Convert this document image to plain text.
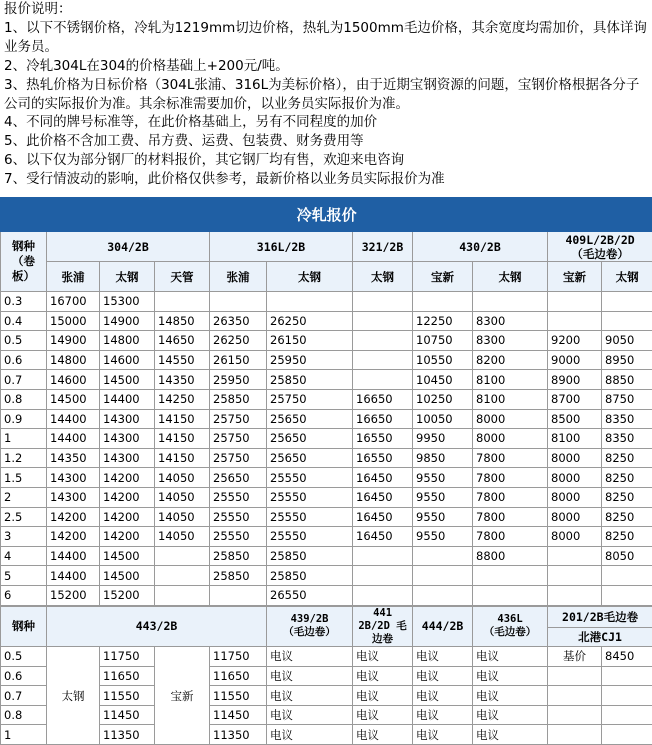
报价说明：
1、以下不锈钢价格，冷轧为1219mm切边价格，热轧为1500mm毛边价格，其余宽度均需加价，具体详询业务员。
2、冷轧304L在304的价格基础上+200元/吨。
3、热轧价格为日标价格（304L张浦、316L为美标价格），由于近期宝钢资源的问题，宝钢价格根据各分子公司的实际报价为准。其余标准需要加价，以业务员实际报价为准。
4、不同的牌号标准等，在此价格基础上，另有不同程度的加价
5、此价格不含加工费、吊方费、运费、包装费、财务费用等
6、以下仅为部分钢厂的材料报价，其它钢厂均有售，欢迎来电咨询
7、受行情波动的影响，此价格仅供参考，最新价格以业务员实际报价为准
冷轧报价										
钢种（卷板）	304/2B			316L/2B		321/2B	430/2B		409L/2B/2D
（毛边卷）	
	张浦	太钢	天管	张浦	太钢	太钢	宝新	太钢	宝新	太钢
0.3	16700	15300								
0.4	15000	14900	14850	26350	26250		12250	8300		
0.5	14900	14800	14650	26250	26150		10750	8300	9200	9050
0.6	14800	14600	14550	26150	25950		10550	8200	9000	8950
0.7	14600	14500	14350	25950	25850		10450	8100	8900	8850
0.8	14500	14400	14250	25850	25750	16650	10250	8100	8700	8750
0.9	14400	14300	14150	25750	25650	16650	10050	8000	8500	8350
1	14400	14300	14150	25750	25650	16550	9950	8000	8100	8350
1.2	14350	14300	14150	25750	25650	16550	9850	7800	8000	8250
1.5	14300	14200	14050	25650	25550	16450	9550	7800	8000	8250
2	14300	14200	14050	25550	25550	16450	9550	7800	8000	8250
2.5	14200	14200	14050	25550	25550	16450	9550	7800	8000	8250
3	14200	14200	14050	25550	25550	16450	9550	7800	8000	8250
4	14400	14500		25850	25850			8800		8050
5	14400	14500		25850	25850					
6	15200	15200			26550					
钢种	443/2B				439/2B
（毛边卷）	441 2B/2D 毛边卷	444/2B	436L
（毛边卷）	201/2B毛边卷	
									北港CJ1	
0.5	太钢	11750	宝新	11750	电议	电议	电议	电议	基价	8450
0.6		11650		11650	电议	电议	电议	电议		
0.7		11550		11550	电议	电议	电议	电议		
0.8		11450		11450	电议	电议	电议	电议		
1		11350		11350	电议	电议	电议	电议		
